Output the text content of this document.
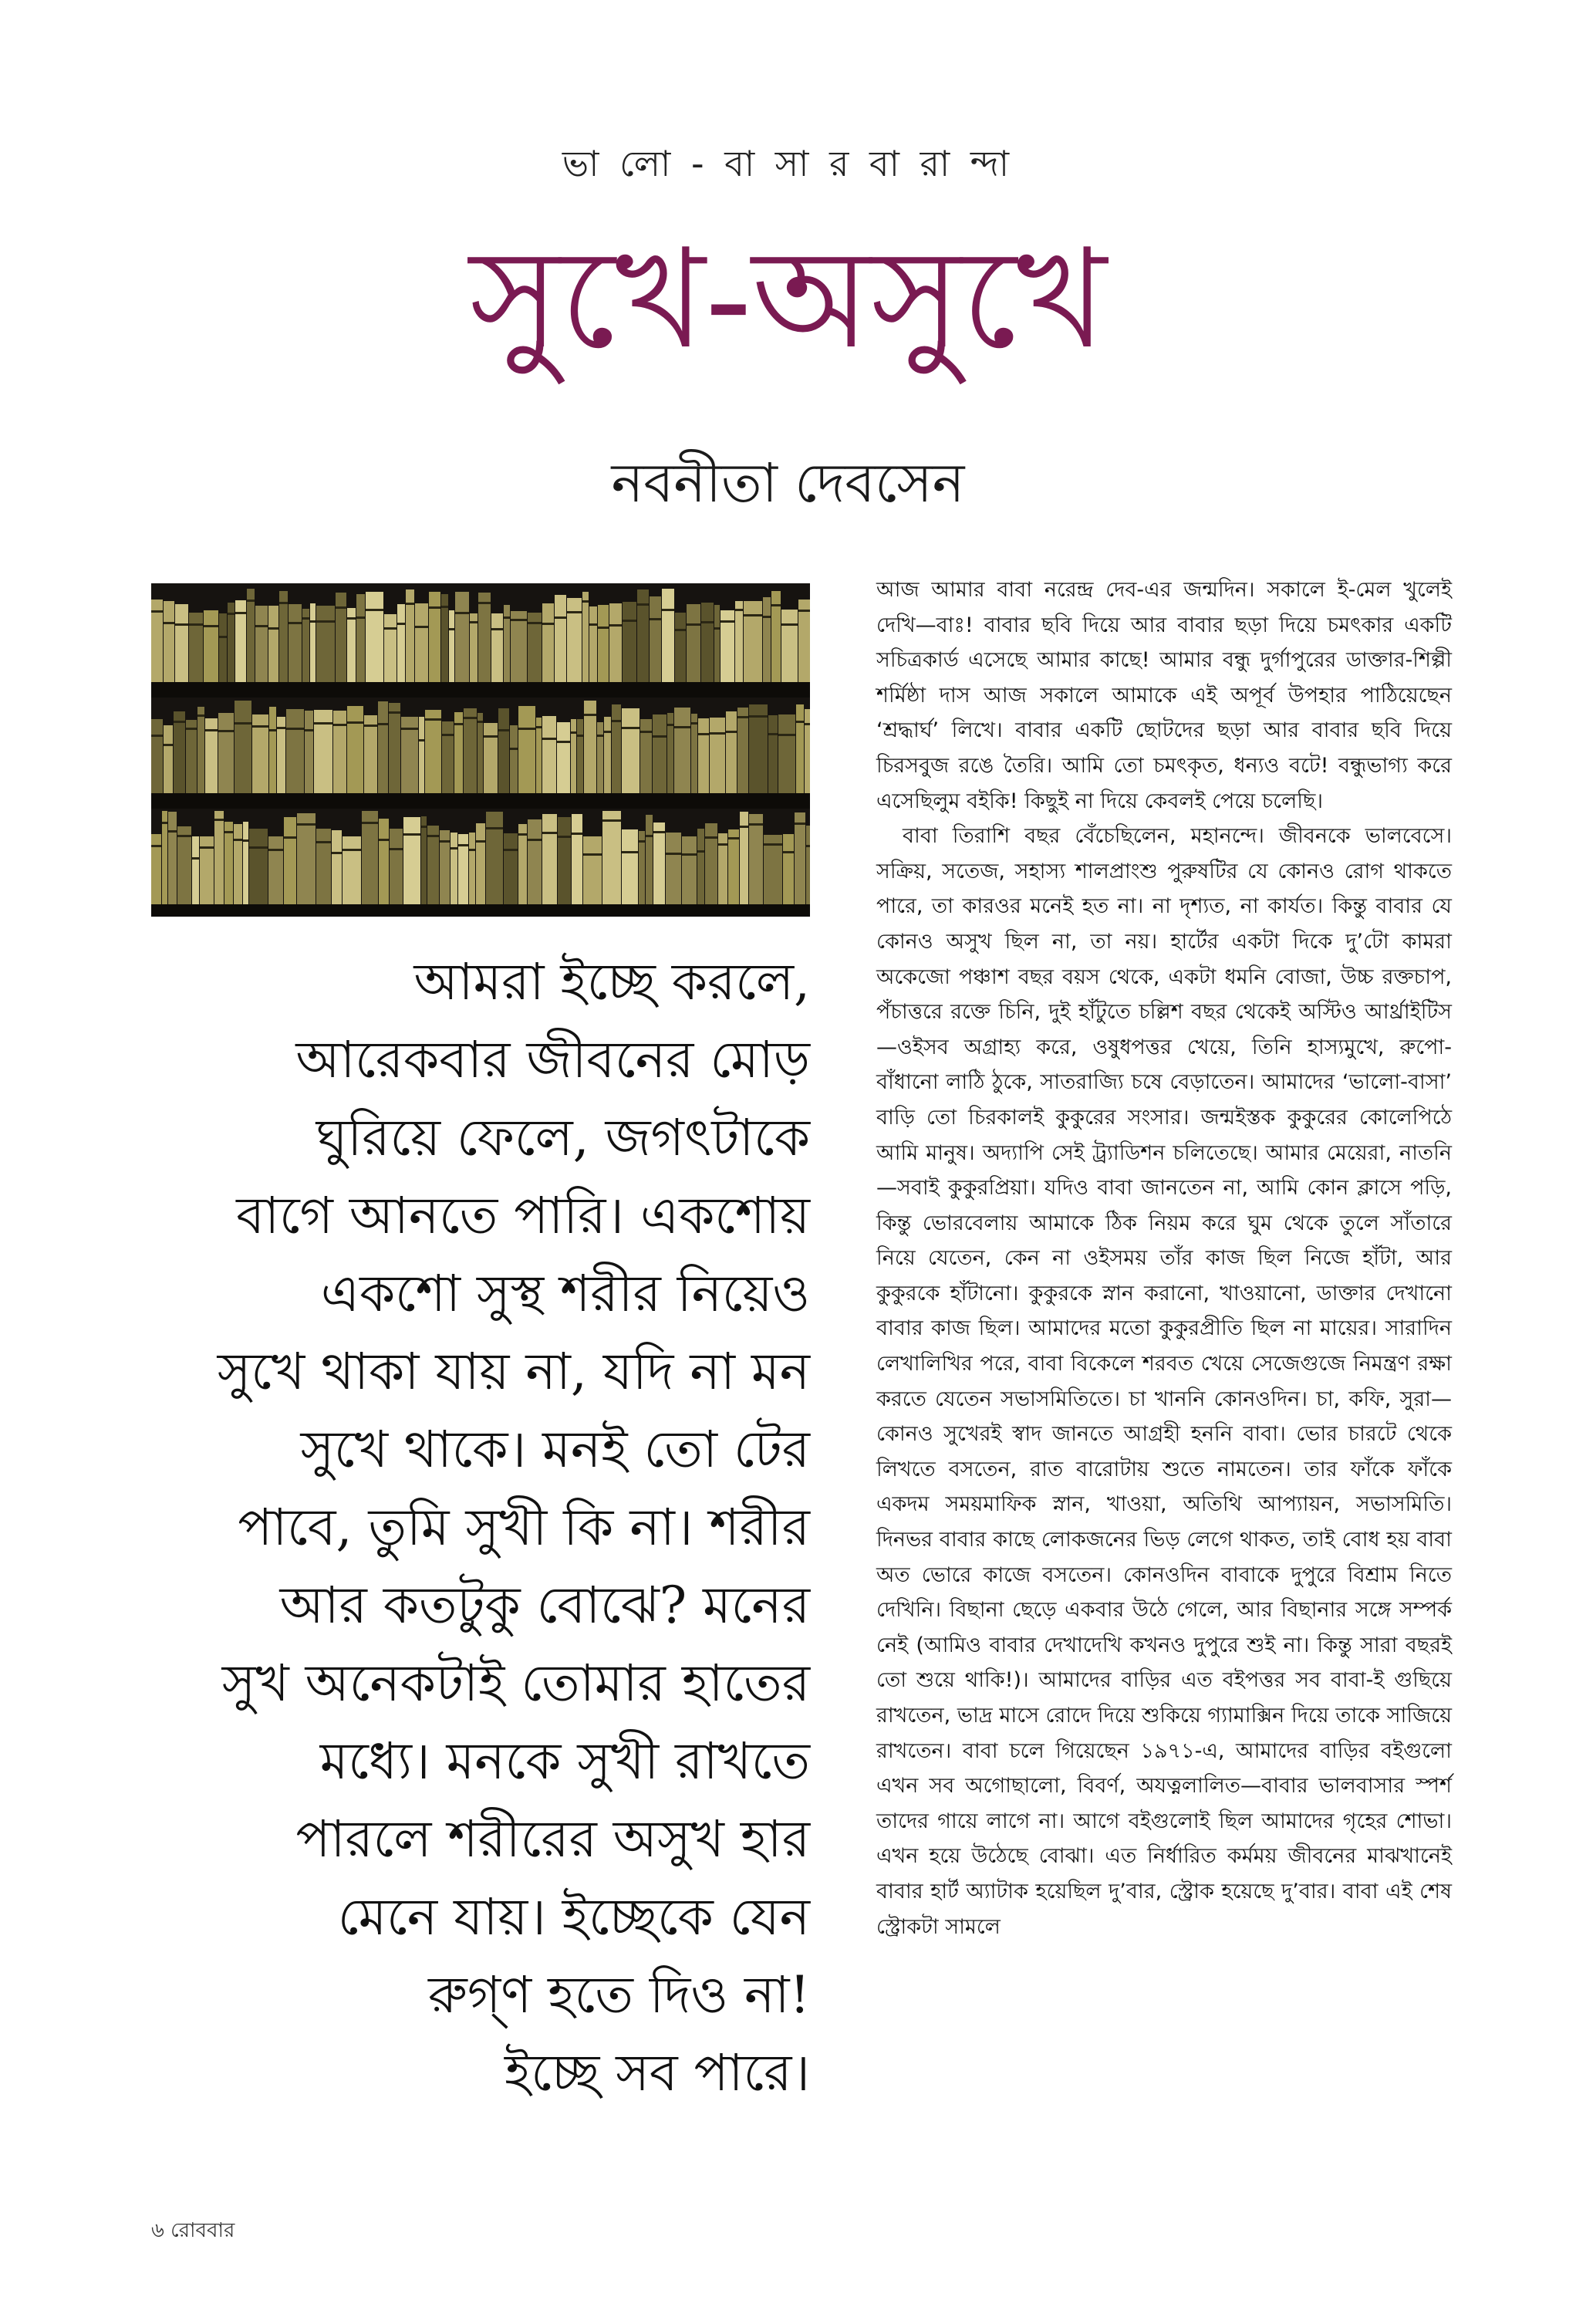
ভা লো - বা সা র বা রা ন্দা
সুখে-অসুখে
নবনীতা দেবসেন
আমরা ইচ্ছে করলে,
আরেকবার জীবনের মোড়
ঘুরিয়ে ফেলে, জগৎটাকে
বাগে আনতে পারি। একশোয়
একশো সুস্থ শরীর নিয়েও
সুখে থাকা যায় না, যদি না মন
সুখে থাকে। মনই তো টের
পাবে, তুমি সুখী কি না। শরীর
আর কতটুকু বোঝে? মনের
সুখ অনেকটাই তোমার হাতের
মধ্যে। মনকে সুখী রাখতে
পারলে শরীরের অসুখ হার
মেনে যায়। ইচ্ছেকে যেন
রুগ্ণ হতে দিও না!
ইচ্ছে সব পারে।

আজ আমার বাবা নরেন্দ্র দেব-এর জন্মদিন। সকালে ই-মেল খুলেই দেখি—বাঃ! বাবার ছবি দিয়ে আর বাবার ছড়া দিয়ে চমৎকার একটি সচিত্রকার্ড এসেছে আমার কাছে! আমার বন্ধু দুর্গাপুরের ডাক্তার-শিল্পী শর্মিষ্ঠা দাস আজ সকালে আমাকে এই অপূর্ব উপহার পাঠিয়েছেন ‘শ্রদ্ধার্ঘ’ লিখে। বাবার একটি ছোটদের ছড়া আর বাবার ছবি দিয়ে চিরসবুজ রঙে তৈরি। আমি তো চমৎকৃত, ধন্যও বটে! বন্ধুভাগ্য করে এসেছিলুম বইকি! কিছুই না দিয়ে কেবলই পেয়ে চলেছি।

বাবা তিরাশি বছর বেঁচেছিলেন, মহানন্দে। জীবনকে ভালবেসে। সক্রিয়, সতেজ, সহাস্য শালপ্রাংশু পুরুষটির যে কোনও রোগ থাকতে পারে, তা কারওর মনেই হত না। না দৃশ্যত, না কার্যত। কিন্তু বাবার যে কোনও অসুখ ছিল না, তা নয়। হার্টের একটা দিকে দু’টো কামরা অকেজো পঞ্চাশ বছর বয়স থেকে, একটা ধমনি বোজা, উচ্চ রক্তচাপ, পঁচাত্তরে রক্তে চিনি, দুই হাঁটুতে চল্লিশ বছর থেকেই অস্টিও আর্থ্রাইটিস—ওইসব অগ্রাহ্য করে, ওষুধপত্তর খেয়ে, তিনি হাস্যমুখে, রুপো-বাঁধানো লাঠি ঠুকে, সাতরাজ্যি চষে বেড়াতেন। আমাদের ‘ভালো-বাসা’ বাড়ি তো চিরকালই কুকুরের সংসার। জন্মইস্তক কুকুরের কোলেপিঠে আমি মানুষ। অদ্যাপি সেই ট্র্যাডিশন চলিতেছে। আমার মেয়েরা, নাতনি—সবাই কুকুরপ্রিয়া। যদিও বাবা জানতেন না, আমি কোন ক্লাসে পড়ি, কিন্তু ভোরবেলায় আমাকে ঠিক নিয়ম করে ঘুম থেকে তুলে সাঁতারে নিয়ে যেতেন, কেন না ওইসময় তাঁর কাজ ছিল নিজে হাঁটা, আর কুকুরকে হাঁটানো। কুকুরকে স্নান করানো, খাওয়ানো, ডাক্তার দেখানো বাবার কাজ ছিল। আমাদের মতো কুকুরপ্রীতি ছিল না মায়ের। সারাদিন লেখালিখির পরে, বাবা বিকেলে শরবত খেয়ে সেজেগুজে নিমন্ত্রণ রক্ষা করতে যেতেন সভাসমিতিতে। চা খাননি কোনওদিন। চা, কফি, সুরা—কোনও সুখেরই স্বাদ জানতে আগ্রহী হননি বাবা। ভোর চারটে থেকে লিখতে বসতেন, রাত বারোটায় শুতে নামতেন। তার ফাঁকে ফাঁকে একদম সময়মাফিক স্নান, খাওয়া, অতিথি আপ্যায়ন, সভাসমিতি। দিনভর বাবার কাছে লোকজনের ভিড় লেগে থাকত, তাই বোধ হয় বাবা অত ভোরে কাজে বসতেন। কোনওদিন বাবাকে দুপুরে বিশ্রাম নিতে দেখিনি। বিছানা ছেড়ে একবার উঠে গেলে, আর বিছানার সঙ্গে সম্পর্ক নেই (আমিও বাবার দেখাদেখি কখনও দুপুরে শুই না। কিন্তু সারা বছরই তো শুয়ে থাকি!)। আমাদের বাড়ির এত বইপত্তর সব বাবা-ই গুছিয়ে রাখতেন, ভাদ্র মাসে রোদে দিয়ে শুকিয়ে গ্যামাক্সিন দিয়ে তাকে সাজিয়ে রাখতেন। বাবা চলে গিয়েছেন ১৯৭১-এ, আমাদের বাড়ির বইগুলো এখন সব অগোছালো, বিবর্ণ, অযত্নলালিত—বাবার ভালবাসার স্পর্শ তাদের গায়ে লাগে না। আগে বইগুলোই ছিল আমাদের গৃহের শোভা। এখন হয়ে উঠেছে বোঝা। এত নির্ধারিত কর্মময় জীবনের মাঝখানেই বাবার হার্ট অ্যাটাক হয়েছিল দু’বার, স্ট্রোক হয়েছে দু’বার। বাবা এই শেষ স্ট্রোকটা সামলে

৬ রোববার
